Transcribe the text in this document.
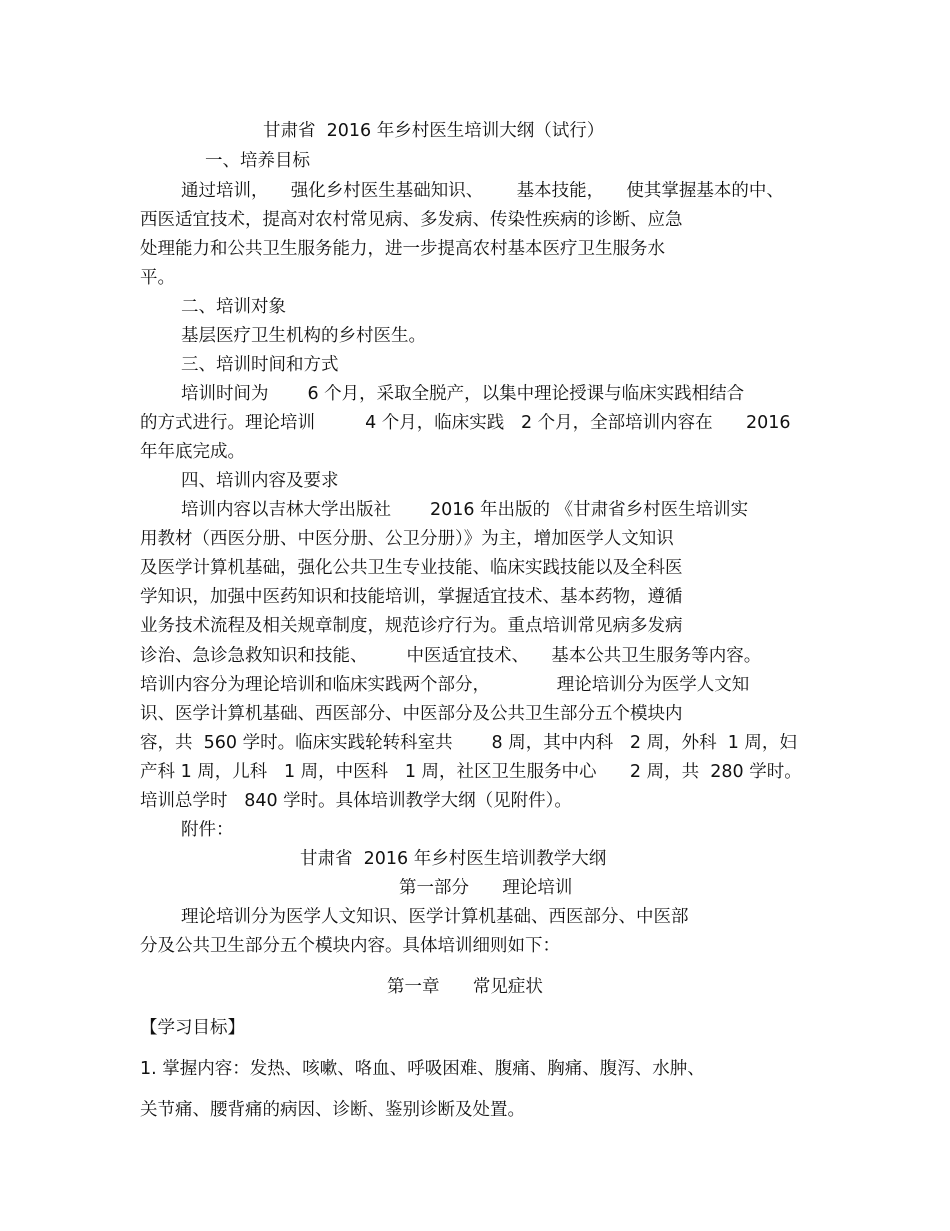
甘肃省  2016 年乡村医生培训大纲（试行）
一、培养目标
通过培训，    强化乡村医生基础知识、      基本技能，    使其掌握基本的中、
西医适宜技术，提高对农村常见病、多发病、传染性疾病的诊断、应急
处理能力和公共卫生服务能力，进一步提高农村基本医疗卫生服务水
平。
二、培训对象
基层医疗卫生机构的乡村医生。
三、培训时间和方式
培训时间为       6 个月，采取全脱产，以集中理论授课与临床实践相结合
的方式进行。理论培训         4 个月，临床实践   2 个月，全部培训内容在      2016
年年底完成。
四、培训内容及要求
培训内容以吉林大学出版社       2016 年出版的 《甘肃省乡村医生培训实
用教材（西医分册、中医分册、公卫分册）》为主，增加医学人文知识
及医学计算机基础，强化公共卫生专业技能、临床实践技能以及全科医
学知识，加强中医药知识和技能培训，掌握适宜技术、基本药物，遵循
业务技术流程及相关规章制度，规范诊疗行为。重点培训常见病多发病
诊治、急诊急救知识和技能、       中医适宜技术、    基本公共卫生服务等内容。
培训内容分为理论培训和临床实践两个部分，            理论培训分为医学人文知
识、医学计算机基础、西医部分、中医部分及公共卫生部分五个模块内
容，共  560 学时。临床实践轮转科室共       8 周，其中内科   2 周，外科  1 周，妇
产科 1 周，儿科   1 周，中医科   1 周，社区卫生服务中心      2 周，共  280 学时。
培训总学时   840 学时。具体培训教学大纲（见附件）。
附件：
甘肃省  2016 年乡村医生培训教学大纲
第一部分      理论培训
理论培训分为医学人文知识、医学计算机基础、西医部分、中医部
分及公共卫生部分五个模块内容。具体培训细则如下：
第一章      常见症状
【学习目标】
1. 掌握内容：发热、咳嗽、咯血、呼吸困难、腹痛、胸痛、腹泻、水肿、
关节痛、腰背痛的病因、诊断、鉴别诊断及处置。
